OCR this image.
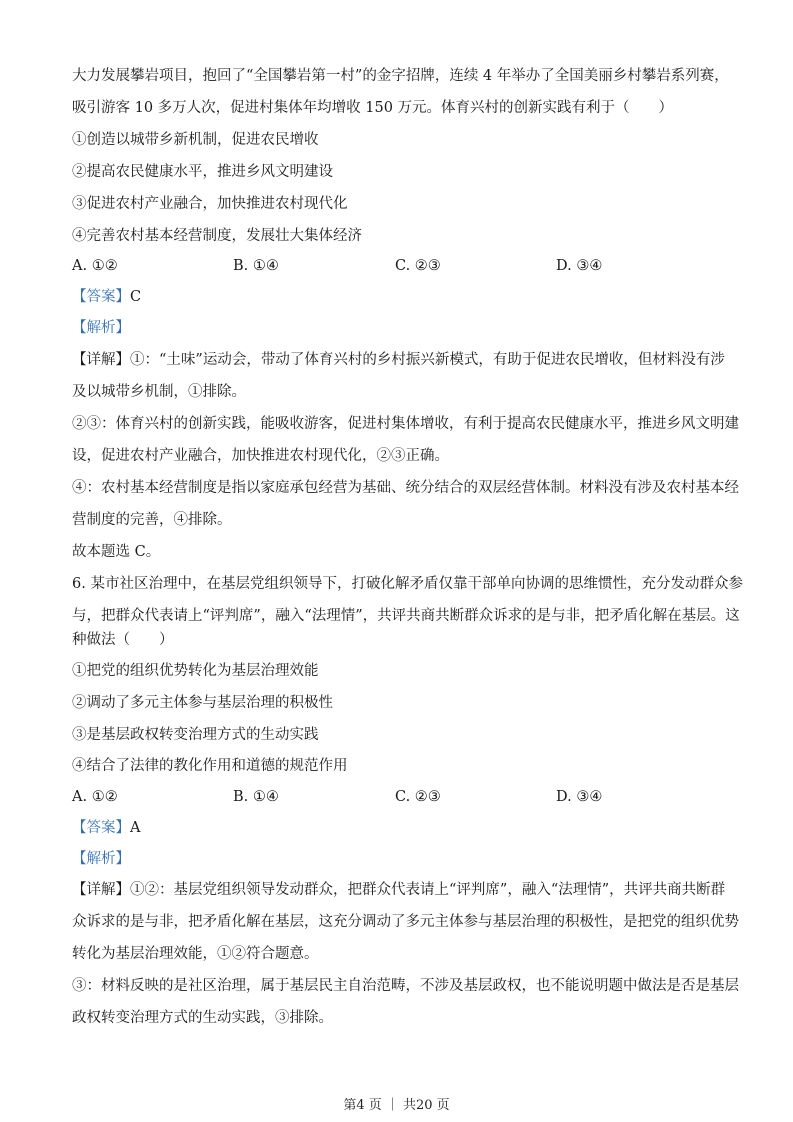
大力发展攀岩项目，抱回了“全国攀岩第一村”的金字招牌，连续 4 年举办了全国美丽乡村攀岩系列赛，
吸引游客 10 多万人次，促进村集体年均增收 150 万元。体育兴村的创新实践有利于（　　）
①创造以城带乡新机制，促进农民增收
②提高农民健康水平，推进乡风文明建设
③促进农村产业融合，加快推进农村现代化
④完善农村基本经营制度，发展壮大集体经济
A. ①②	B. ①④	C. ②③	D. ③④
【答案】C
【解析】
【详解】①：“土味”运动会，带动了体育兴村的乡村振兴新模式，有助于促进农民增收，但材料没有涉
及以城带乡机制，①排除。
②③：体育兴村的创新实践，能吸收游客，促进村集体增收，有利于提高农民健康水平，推进乡风文明建
设，促进农村产业融合，加快推进农村现代化，②③正确。
④：农村基本经营制度是指以家庭承包经营为基础、统分结合的双层经营体制。材料没有涉及农村基本经
营制度的完善，④排除。
故本题选 C。
6. 某市社区治理中，在基层党组织领导下，打破化解矛盾仅靠干部单向协调的思维惯性，充分发动群众参
与，把群众代表请上“评判席”，融入“法理情”，共评共商共断群众诉求的是与非，把矛盾化解在基层。这
种做法（　　）
①把党的组织优势转化为基层治理效能
②调动了多元主体参与基层治理的积极性
③是基层政权转变治理方式的生动实践
④结合了法律的教化作用和道德的规范作用
A. ①②	B. ①④	C. ②③	D. ③④
【答案】A
【解析】
【详解】①②：基层党组织领导发动群众，把群众代表请上“评判席”，融入“法理情”，共评共商共断群
众诉求的是与非，把矛盾化解在基层，这充分调动了多元主体参与基层治理的积极性，是把党的组织优势
转化为基层治理效能，①②符合题意。
③：材料反映的是社区治理，属于基层民主自治范畴，不涉及基层政权，也不能说明题中做法是否是基层
政权转变治理方式的生动实践，③排除。
第4 页 ｜ 共20 页
